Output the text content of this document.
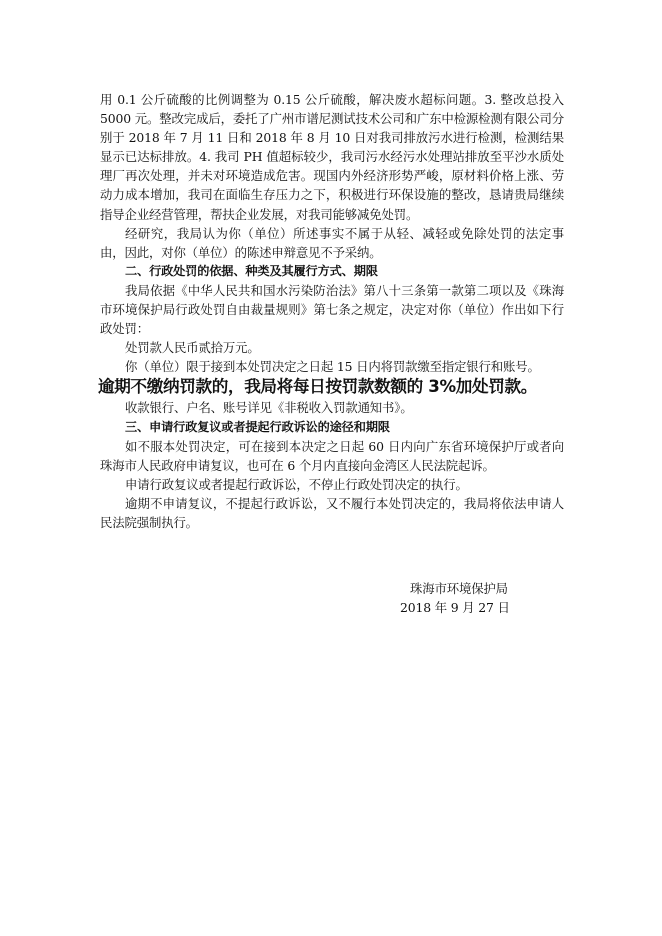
用 0.1 公斤硫酸的比例调整为 0.15 公斤硫酸，解决废水超标问题。3. 整改总投入 5000 元。整改完成后，委托了广州市谱尼测试技术公司和广东中检源检测有限公司分别于 2018 年 7 月 11 日和 2018 年 8 月 10 日对我司排放污水进行检测，检测结果显示已达标排放。4. 我司 PH 值超标较少，我司污水经污水处理站排放至平沙水质处理厂再次处理，并未对环境造成危害。现国内外经济形势严峻，原材料价格上涨、劳动力成本增加，我司在面临生存压力之下，积极进行环保设施的整改，恳请贵局继续指导企业经营管理，帮扶企业发展，对我司能够减免处罚。

经研究，我局认为你（单位）所述事实不属于从轻、减轻或免除处罚的法定事由，因此，对你（单位）的陈述申辩意见不予采纳。

二、行政处罚的依据、种类及其履行方式、期限

我局依据《中华人民共和国水污染防治法》第八十三条第一款第二项以及《珠海市环境保护局行政处罚自由裁量规则》第七条之规定，决定对你（单位）作出如下行政处罚：

处罚款人民币贰拾万元。

你（单位）限于接到本处罚决定之日起 15 日内将罚款缴至指定银行和账号。

逾期不缴纳罚款的，我局将每日按罚款数额的 3%加处罚款。

收款银行、户名、账号详见《非税收入罚款通知书》。

三、申请行政复议或者提起行政诉讼的途径和期限

如不服本处罚决定，可在接到本决定之日起 60 日内向广东省环境保护厅或者向珠海市人民政府申请复议，也可在 6 个月内直接向金湾区人民法院起诉。

申请行政复议或者提起行政诉讼，不停止行政处罚决定的执行。

逾期不申请复议，不提起行政诉讼，又不履行本处罚决定的，我局将依法申请人民法院强制执行。

珠海市环境保护局

2018 年 9 月 27 日
